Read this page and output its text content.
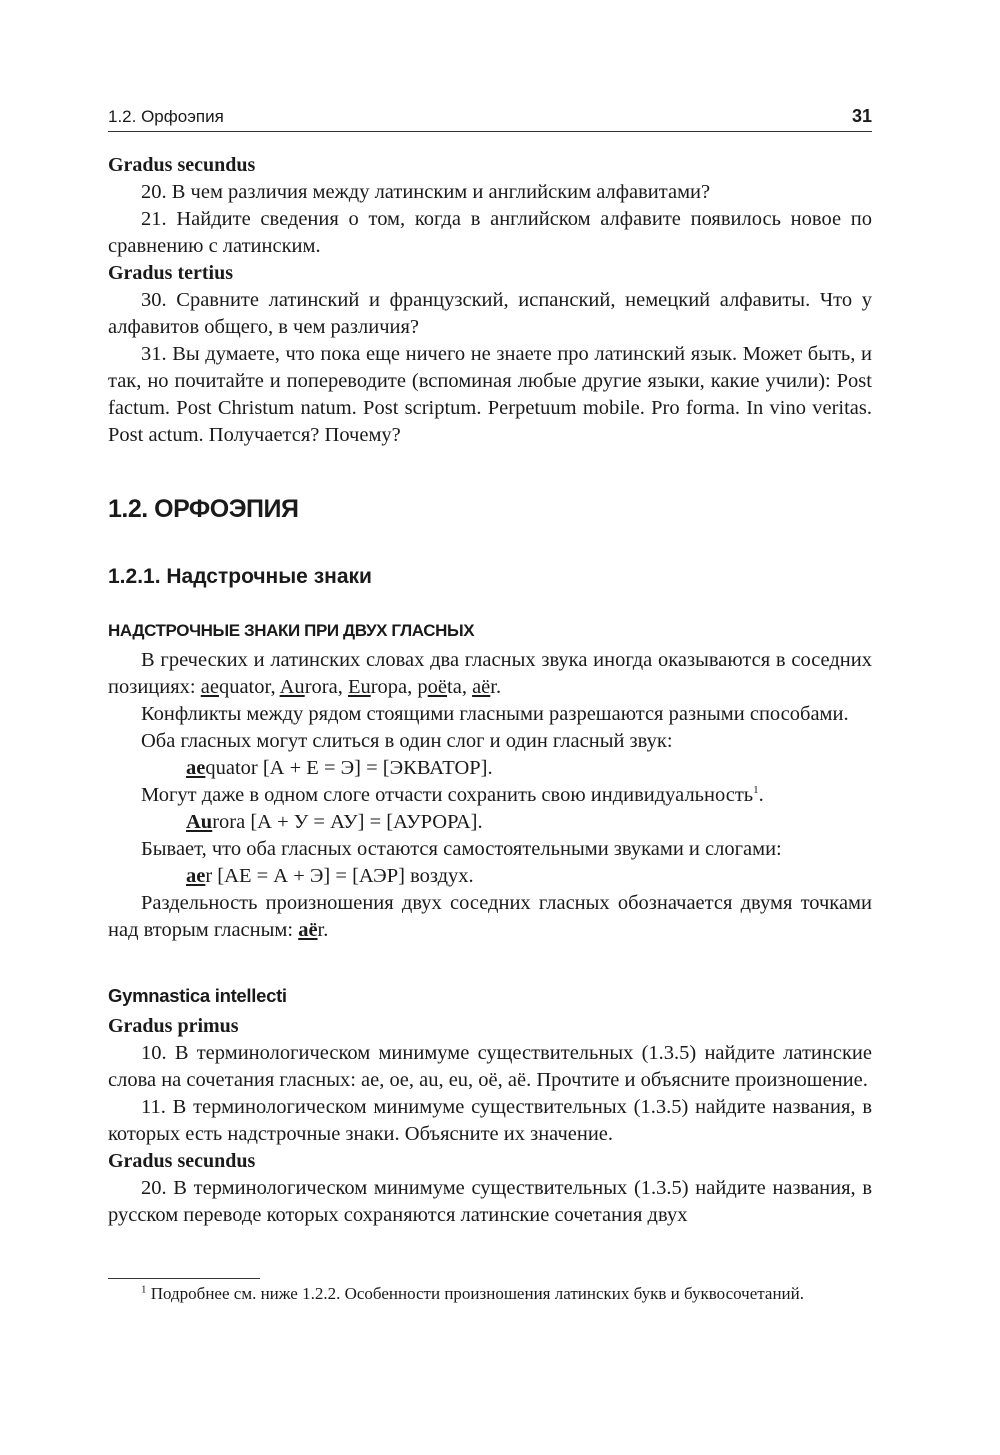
1.2. Орфоэпия	31

Gradus secundus

20. В чем различия между латинским и английским алфавитами?

21. Найдите сведения о том, когда в английском алфавите появилось новое по сравнению с латинским.

Gradus tertius

30. Сравните латинский и французский, испанский, немецкий алфавиты. Что у алфавитов общего, в чем различия?

31. Вы думаете, что пока еще ничего не знаете про латинский язык. Может быть, и так, но почитайте и попереводите (вспоминая любые другие языки, какие учили): Post factum. Post Christum natum. Post scriptum. Perpetuum mobile. Pro forma. In vino veritas. Post actum. Получается? Почему?

1.2. ОРФОЭПИЯ
1.2.1. Надстрочные знаки
НАДСТРОЧНЫЕ ЗНАКИ ПРИ ДВУХ ГЛАСНЫХ

В греческих и латинских словах два гласных звука иногда оказываются в соседних позициях: aequator, Aurora, Europa, poëta, aër.

Конфликты между рядом стоящими гласными разрешаются разными способами.

Оба гласных могут слиться в один слог и один гласный звук:

aequator [А + Е = Э] = [ЭКВАТОР].

Могут даже в одном слоге отчасти сохранить свою индивидуальность$^1$.

Aurora [А + У = АУ] = [АУРОРА].

Бывает, что оба гласных остаются самостоятельными звуками и слогами:

aer [АЕ = А + Э] = [АЭР] воздух.

Раздельность произношения двух соседних гласных обозначается двумя точками над вторым гласным: aër.

Gymnastica intellecti

Gradus primus

10. В терминологическом минимуме существительных (1.3.5) найдите латинские слова на сочетания гласных: ae, oe, au, eu, oë, aë. Прочтите и объясните произношение.

11. В терминологическом минимуме существительных (1.3.5) найдите названия, в которых есть надстрочные знаки. Объясните их значение.

Gradus secundus

20. В терминологическом минимуме существительных (1.3.5) найдите названия, в русском переводе которых сохраняются латинские сочетания двух

$^1$ Подробнее см. ниже 1.2.2. Особенности произношения латинских букв и буквосочетаний.
